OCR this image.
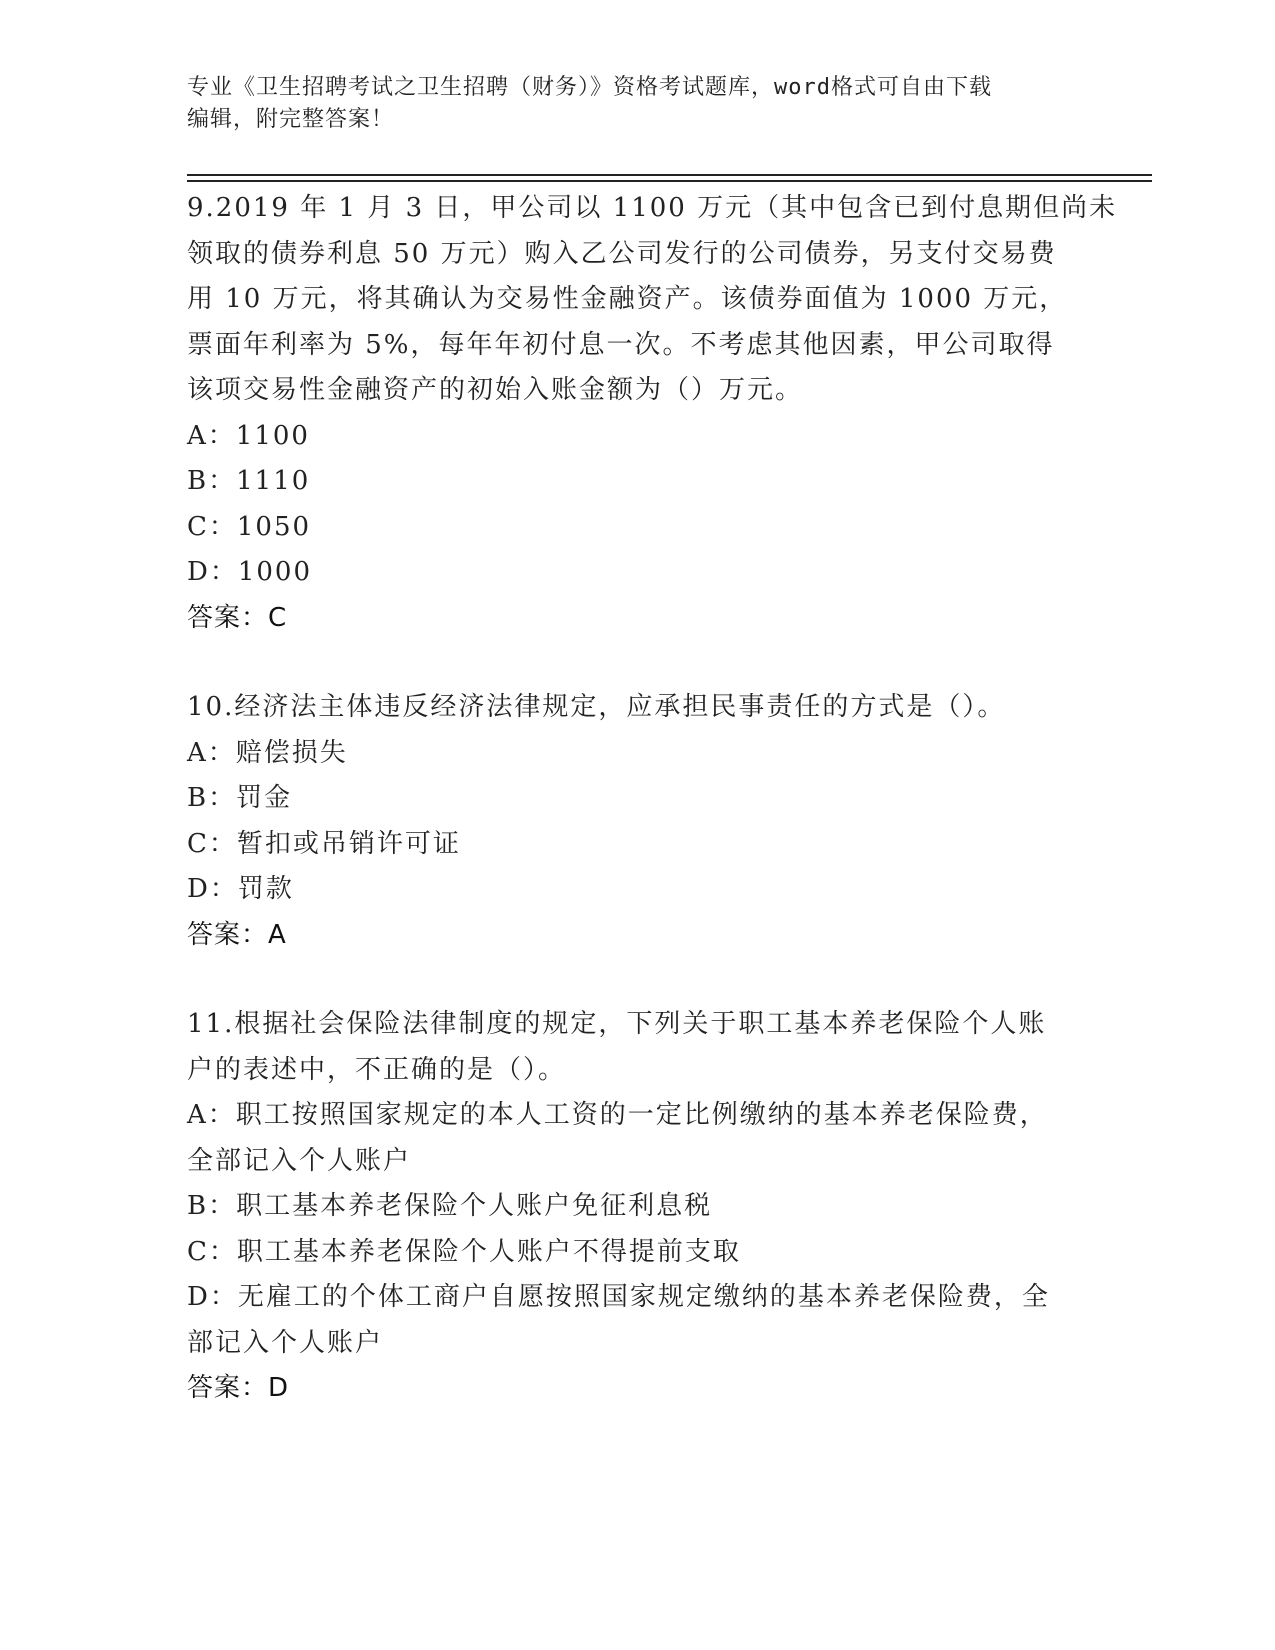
专业《卫生招聘考试之卫生招聘（财务）》资格考试题库，word格式可自由下载
编辑，附完整答案！
9.2019 年 1 月 3 日，甲公司以 1100 万元（其中包含已到付息期但尚未
领取的债券利息 50 万元）购入乙公司发行的公司债券，另支付交易费
用 10 万元，将其确认为交易性金融资产。该债券面值为 1000 万元，
票面年利率为 5%，每年年初付息一次。不考虑其他因素，甲公司取得
该项交易性金融资产的初始入账金额为（）万元。
A：1100
B：1110
C：1050
D：1000
答案：C
10.经济法主体违反经济法律规定，应承担民事责任的方式是（）。
A：赔偿损失
B：罚金
C：暂扣或吊销许可证
D：罚款
答案：A
11.根据社会保险法律制度的规定，下列关于职工基本养老保险个人账
户的表述中，不正确的是（）。
A：职工按照国家规定的本人工资的一定比例缴纳的基本养老保险费，
全部记入个人账户
B：职工基本养老保险个人账户免征利息税
C：职工基本养老保险个人账户不得提前支取
D：无雇工的个体工商户自愿按照国家规定缴纳的基本养老保险费，全
部记入个人账户
答案：D
